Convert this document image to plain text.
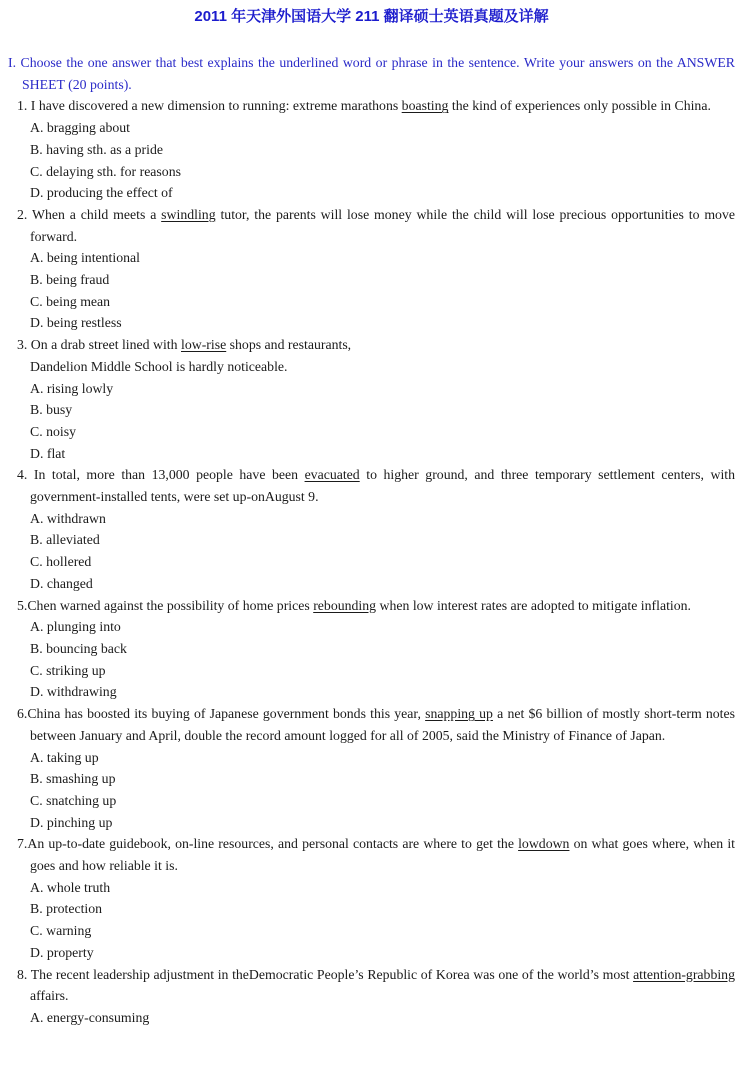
2011 年天津外国语大学 211 翻译硕士英语真题及详解

I. Choose the one answer that best explains the underlined word or phrase in the sentence. Write your answers on the ANSWER SHEET (20 points).

1. I have discovered a new dimension to running: extreme marathons boasting the kind of experiences only possible in China.

A. bragging about

B. having sth. as a pride

C. delaying sth. for reasons

D. producing the effect of

2. When a child meets a swindling tutor, the parents will lose money while the child will lose precious opportunities to move forward.

A. being intentional

B. being fraud

C. being mean

D. being restless

3. On a drab street lined with low-rise shops and restaurants,
Dandelion Middle School is hardly noticeable.

A. rising lowly

B. busy

C. noisy

D. flat

4. In total, more than 13,000 people have been evacuated to higher ground, and three temporary settlement centers, with government-installed tents, were set up-onAugust 9.

A. withdrawn

B. alleviated

C. hollered

D. changed

5.Chen warned against the possibility of home prices rebounding when low interest rates are adopted to mitigate inflation.

A. plunging into

B. bouncing back

C. striking up

D. withdrawing

6.China has boosted its buying of Japanese government bonds this year, snapping up a net $6 billion of mostly short-term notes between January and April, double the record amount logged for all of 2005, said the Ministry of Finance of Japan.

A. taking up

B. smashing up

C. snatching up

D. pinching up

7.An up-to-date guidebook, on-line resources, and personal contacts are where to get the lowdown on what goes where, when it goes and how reliable it is.

A. whole truth

B. protection

C. warning

D. property

8. The recent leadership adjustment in theDemocratic People’s Republic of Korea was one of the world’s most attention-grabbing affairs.

A. energy-consuming
